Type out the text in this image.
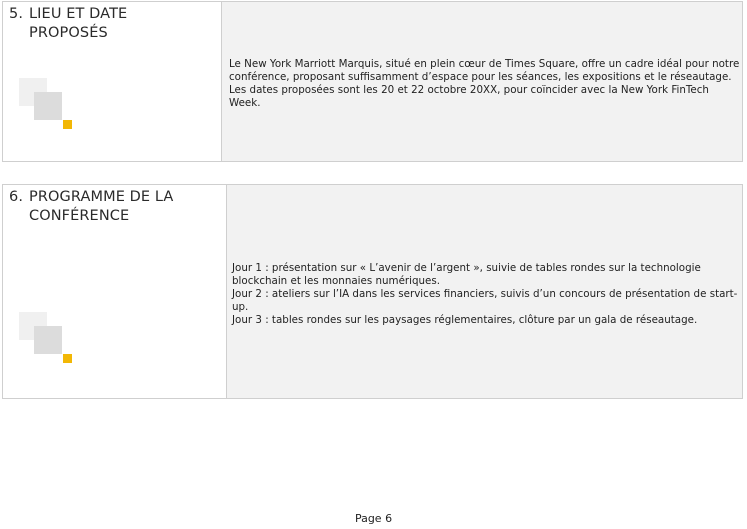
5. LIEU ET DATE PROPOSÉS
Le New York Marriott Marquis, situé en plein cœur de Times Square, offre un cadre idéal pour notre conférence, proposant suffisamment d’espace pour les séances, les expositions et le réseautage. Les dates proposées sont les 20 et 22 octobre 20XX, pour coïncider avec la New York FinTech Week.
6. PROGRAMME DE LA CONFÉRENCE
Jour 1 : présentation sur « L’avenir de l’argent », suivie de tables rondes sur la technologie blockchain et les monnaies numériques.
Jour 2 : ateliers sur l’IA dans les services financiers, suivis d’un concours de présentation de start-up.
Jour 3 : tables rondes sur les paysages réglementaires, clôture par un gala de réseautage.
Page 6
